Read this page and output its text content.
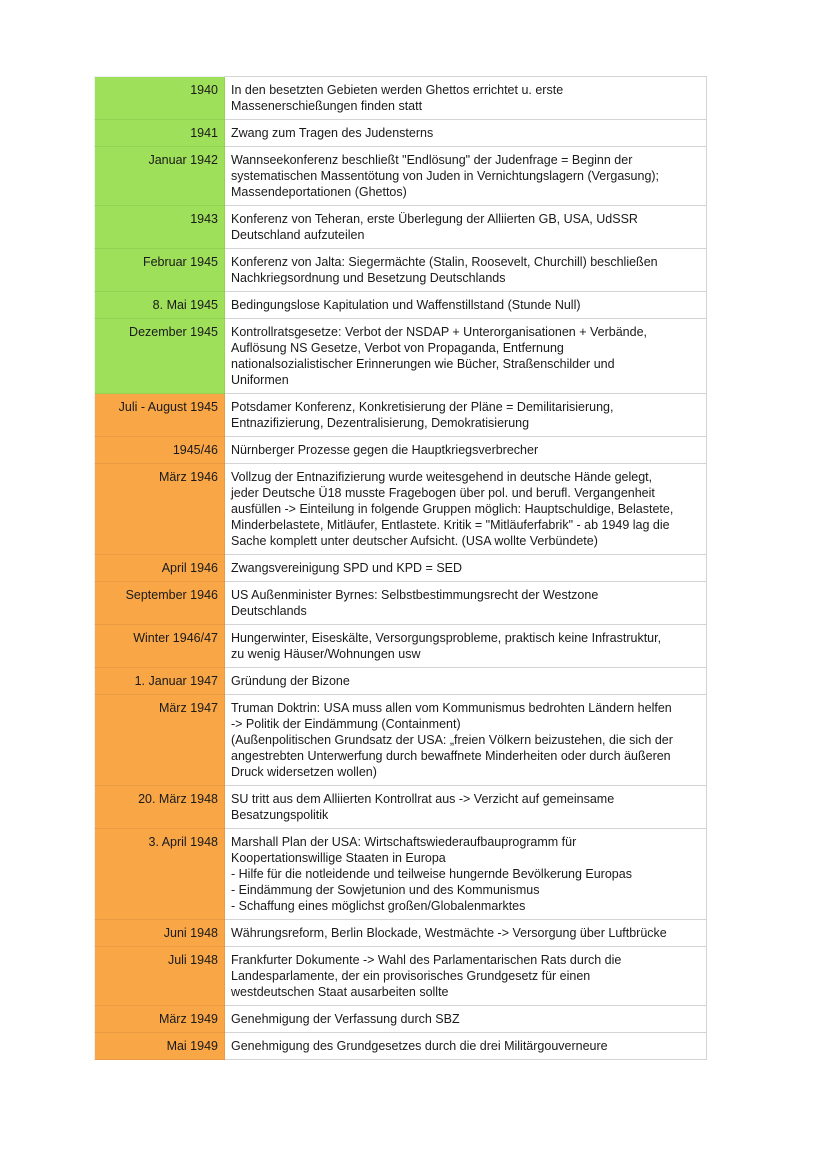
1940	In den besetzten Gebieten werden Ghettos errichtet u. erste
Massenerschießungen finden statt
1941	Zwang zum Tragen des Judensterns
Januar 1942	Wannseekonferenz beschließt "Endlösung" der Judenfrage = Beginn der
systematischen Massentötung von Juden in Vernichtungslagern (Vergasung);
Massendeportationen (Ghettos)
1943	Konferenz von Teheran, erste Überlegung der Alliierten GB, USA, UdSSR
Deutschland aufzuteilen
Februar 1945	Konferenz von Jalta: Siegermächte (Stalin, Roosevelt, Churchill) beschließen
Nachkriegsordnung und Besetzung Deutschlands
8. Mai 1945	Bedingungslose Kapitulation und Waffenstillstand (Stunde Null)
Dezember 1945	Kontrollratsgesetze: Verbot der NSDAP + Unterorganisationen + Verbände,
Auflösung NS Gesetze, Verbot von Propaganda, Entfernung
nationalsozialistischer Erinnerungen wie Bücher, Straßenschilder und
Uniformen
Juli - August 1945	Potsdamer Konferenz, Konkretisierung der Pläne = Demilitarisierung,
Entnazifizierung, Dezentralisierung, Demokratisierung
1945/46	Nürnberger Prozesse gegen die Hauptkriegsverbrecher
März 1946	Vollzug der Entnazifizierung wurde weitesgehend in deutsche Hände gelegt,
jeder Deutsche Ü18 musste Fragebogen über pol. und berufl. Vergangenheit
ausfüllen -> Einteilung in folgende Gruppen möglich: Hauptschuldige, Belastete,
Minderbelastete, Mitläufer, Entlastete. Kritik = "Mitläuferfabrik" - ab 1949 lag die
Sache komplett unter deutscher Aufsicht. (USA wollte Verbündete)
April 1946	Zwangsvereinigung SPD und KPD = SED
September 1946	US Außenminister Byrnes: Selbstbestimmungsrecht der Westzone
Deutschlands
Winter 1946/47	Hungerwinter, Eiseskälte, Versorgungsprobleme, praktisch keine Infrastruktur,
zu wenig Häuser/Wohnungen usw
1. Januar 1947	Gründung der Bizone
März 1947	Truman Doktrin: USA muss allen vom Kommunismus bedrohten Ländern helfen
-> Politik der Eindämmung (Containment)
(Außenpolitischen Grundsatz der USA: „freien Völkern beizustehen, die sich der
angestrebten Unterwerfung durch bewaffnete Minderheiten oder durch äußeren
Druck widersetzen wollen)
20. März 1948	SU tritt aus dem Alliierten Kontrollrat aus -> Verzicht auf gemeinsame
Besatzungspolitik
3. April 1948	Marshall Plan der USA: Wirtschaftswiederaufbauprogramm für
Koopertationswillige Staaten in Europa
- Hilfe für die notleidende und teilweise hungernde Bevölkerung Europas
- Eindämmung der Sowjetunion und des Kommunismus
- Schaffung eines möglichst großen/Globalenmarktes
Juni 1948	Währungsreform, Berlin Blockade, Westmächte -> Versorgung über Luftbrücke
Juli 1948	Frankfurter Dokumente -> Wahl des Parlamentarischen Rats durch die
Landesparlamente, der ein provisorisches Grundgesetz für einen
westdeutschen Staat ausarbeiten sollte
März 1949	Genehmigung der Verfassung durch SBZ
Mai 1949	Genehmigung des Grundgesetzes durch die drei Militärgouverneure
